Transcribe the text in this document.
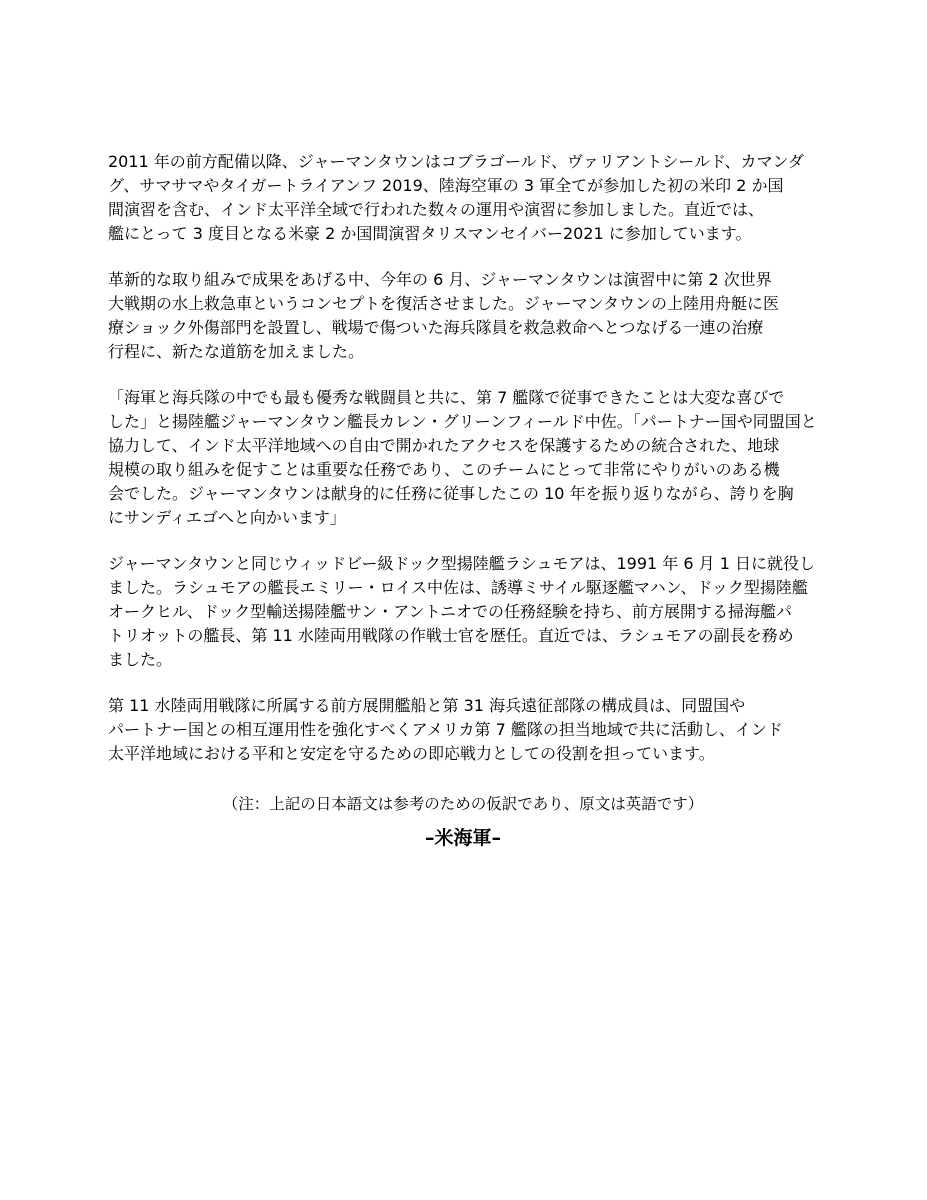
2011 年の前方配備以降、ジャーマンタウンはコブラゴールド、ヴァリアントシールド、カマンダ
グ、サマサマやタイガートライアンフ 2019、陸海空軍の 3 軍全てが参加した初の米印 2 か国
間演習を含む、インド太平洋全域で行われた数々の運用や演習に参加しました。直近では、
艦にとって 3 度目となる米豪 2 か国間演習タリスマンセイバー2021 に参加しています。

革新的な取り組みで成果をあげる中、今年の 6 月、ジャーマンタウンは演習中に第 2 次世界
大戦期の水上救急車というコンセプトを復活させました。ジャーマンタウンの上陸用舟艇に医
療ショック外傷部門を設置し、戦場で傷ついた海兵隊員を救急救命へとつなげる一連の治療
行程に、新たな道筋を加えました。

「海軍と海兵隊の中でも最も優秀な戦闘員と共に、第 7 艦隊で従事できたことは大変な喜びで
した」と揚陸艦ジャーマンタウン艦長カレン・グリーンフィールド中佐。「パートナー国や同盟国と
協力して、インド太平洋地域への自由で開かれたアクセスを保護するための統合された、地球
規模の取り組みを促すことは重要な任務であり、このチームにとって非常にやりがいのある機
会でした。ジャーマンタウンは献身的に任務に従事したこの 10 年を振り返りながら、誇りを胸
にサンディエゴへと向かいます」

ジャーマンタウンと同じウィッドビー級ドック型揚陸艦ラシュモアは、1991 年 6 月 1 日に就役し
ました。ラシュモアの艦長エミリー・ロイス中佐は、誘導ミサイル駆逐艦マハン、ドック型揚陸艦
オークヒル、ドック型輸送揚陸艦サン・アントニオでの任務経験を持ち、前方展開する掃海艦パ
トリオットの艦長、第 11 水陸両用戦隊の作戦士官を歴任。直近では、ラシュモアの副長を務め
ました。

第 11 水陸両用戦隊に所属する前方展開艦船と第 31 海兵遠征部隊の構成員は、同盟国や
パートナー国との相互運用性を強化すべくアメリカ第 7 艦隊の担当地域で共に活動し、インド
太平洋地域における平和と安定を守るための即応戦力としての役割を担っています。

（注：上記の日本語文は参考のための仮訳であり、原文は英語です）

–米海軍–
